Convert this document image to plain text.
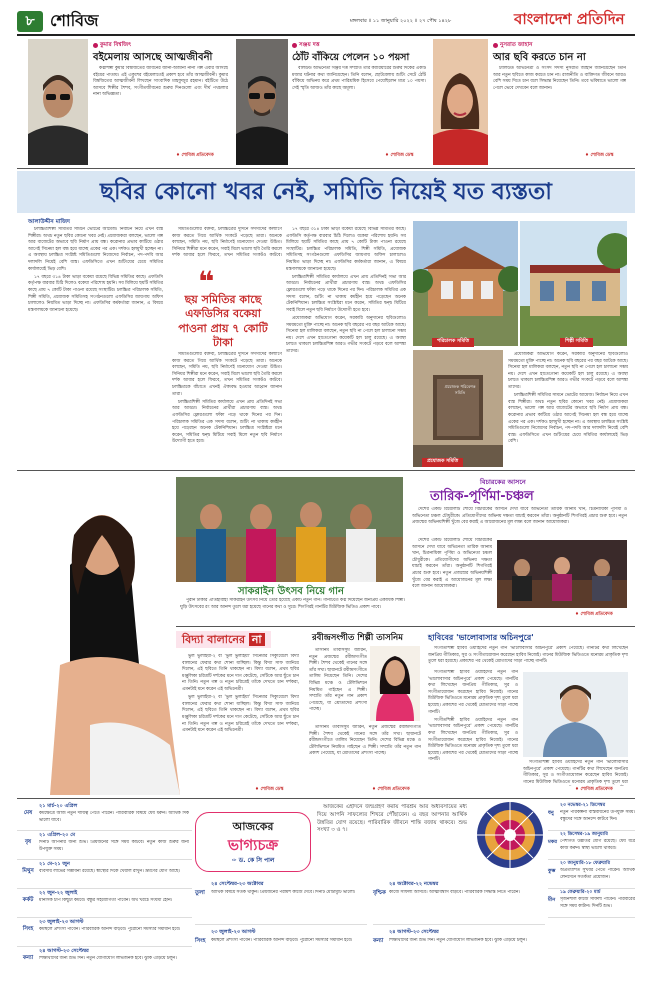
৮ শোবিজ	মঙ্গলবার ॥ ১১ জানুয়ারি ২০২২ ॥ ২৭ পৌষ ১৪২৮	বাংলাদেশ প্রতিদিন
কুমার বিশ্বজিৎ
বইমেলায় আসছে আত্মজীবনী

কণ্ঠশিল্পী কুমার বিশ্বজিতের জীবনের জানা-অজানা নানা গল্প এবার আসছে বইয়ের পাতায়। এই একুশের বইমেলাতেই প্রকাশ হবে তাঁর আত্মজীবনী। কুমার বিশ্বজিতের আত্মজীবনী লিখছেন সাংবাদিক মাহফুজুর রহমান। বইটিতে উঠে আসবে শিল্পীর শৈশব, সংগীতজীবনের শুরুর দিনগুলো এবং দীর্ঘ পথচলার নানা অভিজ্ঞতা।

♦ শোবিজ প্রতিবেদক
সঞ্জয় দত্ত
ঠোঁট বাঁকিয়ে পেলেন ১০ পয়সা

বলিউড অভিনেতা সঞ্জয় দত্ত সম্প্রতি তাঁর ক্যারিয়ারের শুরুর দিকের একটি মজার ঘটনার কথা জানিয়েছেন। তিনি বলেন, ছোটবেলায় শুটিং সেটে ঠোঁট বাঁকিয়ে অভিনয় করে প্রথম পারিশ্রমিক হিসেবে পেয়েছিলেন মাত্র ১০ পয়সা। সেই স্মৃতি আজও তাঁর কাছে অমূল্য।

♦ শোবিজ ডেস্ক
নুসরাত জাহান
আর ছবি করতে চান না

টালিউড অভিনেত্রী ও সংসদ সদস্য নুসরাত জাহান জানিয়েছেন তিনি আর নতুন ছবিতে কাজ করতে চান না। রাজনীতি ও ব্যক্তিগত জীবনে আরও বেশি সময় দিতে চান বলে সিদ্ধান্ত নিয়েছেন তিনি। তবে ভবিষ্যতে ভালো গল্প পেলে ভেবে দেখবেন বলে জানান।

♦ শোবিজ ডেস্ক
ছবির কোনো খবর নেই, সমিতি নিয়েই যত ব্যস্ততা
আলাউদ্দীন মাজিদ

চলচ্চিত্রশিল্পী সমিতির সামনে ভোটের আমেজ। নির্বাচন নিয়ে এখন ব্যস্ত শিল্পীরা। অথচ নতুন ছবির কোনো খবর নেই। প্রযোজকরা বলছেন, ভালো গল্প আর বাজেটের অভাবে ছবি নির্মাণ প্রায় বন্ধ। করোনার প্রভাব কাটিয়ে ওঠার আগেই সিনেমা হল বন্ধ হয়ে যাচ্ছে একের পর এক। দর্শকও হলমুখী হচ্ছেন না। এ অবস্থায় চলচ্চিত্র সংশ্লিষ্ট সমিতিগুলো নিজেদের নির্বাচন, পদ-পদবি আর দলাদলি নিয়েই বেশি ব্যস্ত। এফডিসিতে এখন শুটিংয়ের চেয়ে সমিতির কার্যালয়েই ভিড় বেশি।

১৭ বছরে ৩১৪ টাকা ভাড়া বকেয়া রয়েছে বিভিন্ন সমিতির কাছে। এফডিসি কর্তৃপক্ষ বারবার চিঠি দিলেও বকেয়া পরিশোধ হয়নি। সব মিলিয়ে ছয়টি সমিতির কাছে প্রায় ৭ কোটি টাকা পাওনা রয়েছে সংস্থাটির। চলচ্চিত্র পরিচালক সমিতি, শিল্পী সমিতি, প্রযোজক সমিতিসহ সংগঠনগুলো এফডিসির জায়গায় অফিস চালালেও নিয়মিত ভাড়া দিচ্ছে না। এফডিসির কর্মকর্তারা জানান, এ বিষয়ে মন্ত্রণালয়কে জানানো হয়েছে।

❝
ছয় সমিতির কাছে এফডিসির বকেয়া পাওনা প্রায় ৭ কোটি টাকা

সমিতিগুলোর বক্তব্য, চলচ্চিত্রের দুর্দিনে সদস্যদের কল্যাণে কাজ করতে গিয়ে আর্থিক সংকটে পড়েছে তারা। অনেকে বলছেন, সমিতি নয়, ছবি নির্মাণেই মনোযোগ দেওয়া উচিত। সিনিয়র শিল্পীরা মনে করেন, সবাই মিলে ভালো ছবি তৈরি করলে দর্শক আবার হলে ফিরবে, তখন সমিতির সংকটও কাটবে।

সমিতিগুলোর বক্তব্য, চলচ্চিত্রের দুর্দিনে সদস্যদের কল্যাণে কাজ করতে গিয়ে আর্থিক সংকটে পড়েছে তারা। অনেকে বলছেন, সমিতি নয়, ছবি নির্মাণেই মনোযোগ দেওয়া উচিত। সিনিয়র শিল্পীরা মনে করেন, সবাই মিলে ভালো ছবি তৈরি করলে দর্শক আবার হলে ফিরবে, তখন সমিতির সংকটও কাটবে। চলচ্চিত্রকে বাঁচাতে এখনই ঐক্যবদ্ধ হওয়ার আহ্বান জানান তারা।

চলচ্চিত্রশিল্পী সমিতির কার্যালয়ে এখন প্রায় প্রতিদিনই সভা আর আড্ডা। নির্বাচনের প্রার্থীরা প্রচারণায় ব্যস্ত। অথচ এফডিসির ফ্লোরগুলো ফাঁকা পড়ে থাকে দিনের পর দিন। পরিচালক সমিতির এক সদস্য বলেন, শুটিং না থাকায় কর্মহীন হয়ে পড়েছেন অনেক টেকনিশিয়ান। চলচ্চিত্র সংশ্লিষ্টরা মনে করেন, সমিতির দ্বন্দ্ব মিটিয়ে সবাই মিলে নতুন ছবি নির্মাণে উদ্যোগী হতে হবে।

১৭ বছরে ৩১৪ টাকা ভাড়া বকেয়া রয়েছে বিভিন্ন সমিতির কাছে। এফডিসি কর্তৃপক্ষ বারবার চিঠি দিলেও বকেয়া পরিশোধ হয়নি। সব মিলিয়ে ছয়টি সমিতির কাছে প্রায় ৭ কোটি টাকা পাওনা রয়েছে সংস্থাটির। চলচ্চিত্র পরিচালক সমিতি, শিল্পী সমিতি, প্রযোজক সমিতিসহ সংগঠনগুলো এফডিসির জায়গায় অফিস চালালেও নিয়মিত ভাড়া দিচ্ছে না। এফডিসির কর্মকর্তারা জানান, এ বিষয়ে মন্ত্রণালয়কে জানানো হয়েছে।

চলচ্চিত্রশিল্পী সমিতির কার্যালয়ে এখন প্রায় প্রতিদিনই সভা আর আড্ডা। নির্বাচনের প্রার্থীরা প্রচারণায় ব্যস্ত। অথচ এফডিসির ফ্লোরগুলো ফাঁকা পড়ে থাকে দিনের পর দিন। পরিচালক সমিতির এক সদস্য বলেন, শুটিং না থাকায় কর্মহীন হয়ে পড়েছেন অনেক টেকনিশিয়ান। চলচ্চিত্র সংশ্লিষ্টরা মনে করেন, সমিতির দ্বন্দ্ব মিটিয়ে সবাই মিলে নতুন ছবি নির্মাণে উদ্যোগী হতে হবে।

প্রযোজকরা অভিযোগ করেন, সরকারি অনুদানের ছবিগুলোও সময়মতো মুক্তি পাচ্ছে না। অনেক ছবি বছরের পর বছর আটকে আছে। সিনেমা হল মালিকরা বলছেন, নতুন ছবি না পেলে হল চালানো সম্ভব নয়। দেশে এখন হাতেগোনা কয়েকটি হল চালু রয়েছে। এ অবস্থা চলতে থাকলে চলচ্চিত্রশিল্প আরও গভীর সংকটে পড়বে বলে আশঙ্কা তাদের।

পরিচালক সমিতি	শিল্পী সমিতি
প্রযোজক পরিবেশক সমিতি
প্রযোজক সমিতি

প্রযোজকরা অভিযোগ করেন, সরকারি অনুদানের ছবিগুলোও সময়মতো মুক্তি পাচ্ছে না। অনেক ছবি বছরের পর বছর আটকে আছে। সিনেমা হল মালিকরা বলছেন, নতুন ছবি না পেলে হল চালানো সম্ভব নয়। দেশে এখন হাতেগোনা কয়েকটি হল চালু রয়েছে। এ অবস্থা চলতে থাকলে চলচ্চিত্রশিল্প আরও গভীর সংকটে পড়বে বলে আশঙ্কা তাদের।

চলচ্চিত্রশিল্পী সমিতির সামনে ভোটের আমেজ। নির্বাচন নিয়ে এখন ব্যস্ত শিল্পীরা। অথচ নতুন ছবির কোনো খবর নেই। প্রযোজকরা বলছেন, ভালো গল্প আর বাজেটের অভাবে ছবি নির্মাণ প্রায় বন্ধ। করোনার প্রভাব কাটিয়ে ওঠার আগেই সিনেমা হল বন্ধ হয়ে যাচ্ছে একের পর এক। দর্শকও হলমুখী হচ্ছেন না। এ অবস্থায় চলচ্চিত্র সংশ্লিষ্ট সমিতিগুলো নিজেদের নির্বাচন, পদ-পদবি আর দলাদলি নিয়েই বেশি ব্যস্ত। এফডিসিতে এখন শুটিংয়ের চেয়ে সমিতির কার্যালয়েই ভিড় বেশি।

সাকরাইন উৎসব নিয়ে গান

পুরান ঢাকার ঐতিহ্যবাহী সাকরাইন উৎসব নিয়ে তৈরি হয়েছে একটি নতুন গান। গানটিতে কণ্ঠ দিয়েছেন জনপ্রিয় একাধিক শিল্পী। ঘুড়ি উৎসবের রং আর আনন্দ তুলে ধরা হয়েছে গানের কথা ও সুরে। শিগগিরই গানটির মিউজিক ভিডিও প্রকাশ পাবে।

বিচারকের আসনে
তারিক-পূর্ণিমা-চঞ্চল

দেশের একটি রিয়েলিটি শোয়ে বিচারকের আসনে দেখা যাবে অভিনেতা তারিক আনাম খান, চিত্রনায়িকা পূর্ণিমা ও অভিনেতা চঞ্চল চৌধুরীকে। প্রতিযোগীদের অভিনয় দক্ষতা যাচাই করবেন তাঁরা। অনুষ্ঠানটি শিগগিরই প্রচার শুরু হবে। নতুন প্রজন্মের অভিনয়শিল্পী খুঁজে বের করাই এ আয়োজনের মূল লক্ষ্য বলে জানান আয়োজকরা।

দেশের একটি রিয়েলিটি শোয়ে বিচারকের আসনে দেখা যাবে অভিনেতা তারিক আনাম খান, চিত্রনায়িকা পূর্ণিমা ও অভিনেতা চঞ্চল চৌধুরীকে। প্রতিযোগীদের অভিনয় দক্ষতা যাচাই করবেন তাঁরা। অনুষ্ঠানটি শিগগিরই প্রচার শুরু হবে। নতুন প্রজন্মের অভিনয়শিল্পী খুঁজে বের করাই এ আয়োজনের মূল লক্ষ্য বলে জানান আয়োজকরা।

♦ শোবিজ প্রতিবেদক
বিদ্যা বালানের না

ভুল ভুলাইয়া-২ বা 'ভুল ভুলাইয়া' সিনেমার সিক্যুয়েলে বিদ্যা বালানের ফেরার কথা শোনা যাচ্ছিল। কিন্তু বিদ্যা সাফ জানিয়ে দিলেন, এই ছবিতে তিনি থাকছেন না। বিদ্যা বলেন, প্রথম ছবির মঞ্জুলিকা চরিত্রটি দর্শকের মনে দাগ কেটেছে, সেটিকে আর ছুঁতে চান না তিনি। নতুন গল্প ও নতুন চরিত্রেই তাঁকে দেখতে চান দর্শকরা, এমনটাই মনে করেন এই অভিনেত্রী।

ভুল ভুলাইয়া-২ বা 'ভুল ভুলাইয়া' সিনেমার সিক্যুয়েলে বিদ্যা বালানের ফেরার কথা শোনা যাচ্ছিল। কিন্তু বিদ্যা সাফ জানিয়ে দিলেন, এই ছবিতে তিনি থাকছেন না। বিদ্যা বলেন, প্রথম ছবির মঞ্জুলিকা চরিত্রটি দর্শকের মনে দাগ কেটেছে, সেটিকে আর ছুঁতে চান না তিনি। নতুন গল্প ও নতুন চরিত্রেই তাঁকে দেখতে চান দর্শকরা, এমনটাই মনে করেন এই অভিনেত্রী।

♦ শোবিজ ডেস্ক
রবীন্দ্রসংগীত শিল্পী তাসনিম

তাসনিম তাবাসসুম জারিন, নতুন প্রজন্মের রবীন্দ্রসংগীত শিল্পী। শৈশব থেকেই গানের সঙ্গে তাঁর সখ্য। ছায়ানটে রবীন্দ্রসংগীতে তালিম নিয়েছেন তিনি। দেশের বিভিন্ন মঞ্চে ও টেলিভিশনে নিয়মিত গাইছেন এ শিল্পী। সম্প্রতি তাঁর নতুন গান প্রকাশ পেয়েছে, যা শ্রোতাদের প্রশংসা পাচ্ছে।

তাসনিম তাবাসসুম জারিন, নতুন প্রজন্মের রবীন্দ্রসংগীত শিল্পী। শৈশব থেকেই গানের সঙ্গে তাঁর সখ্য। ছায়ানটে রবীন্দ্রসংগীতে তালিম নিয়েছেন তিনি। দেশের বিভিন্ন মঞ্চে ও টেলিভিশনে নিয়মিত গাইছেন এ শিল্পী। সম্প্রতি তাঁর নতুন গান প্রকাশ পেয়েছে, যা শ্রোতাদের প্রশংসা পাচ্ছে।

♦ শোবিজ প্রতিবেদক
হাবিবের 'ভালোবাসার অচিনপুরে'

সংগীতশিল্পী হাবিব ওয়াহিদের নতুন গান 'ভালোবাসার অচিনপুরে' প্রকাশ পেয়েছে। গানটির কথা লিখেছেন জনপ্রিয় গীতিকার, সুর ও সংগীতায়োজন করেছেন হাবিব নিজেই। গানের মিউজিক ভিডিওতে মনোরম প্রাকৃতিক দৃশ্য তুলে ধরা হয়েছে। প্রকাশের পর থেকেই শ্রোতাদের সাড়া পাচ্ছে গানটি।

সংগীতশিল্পী হাবিব ওয়াহিদের নতুন গান 'ভালোবাসার অচিনপুরে' প্রকাশ পেয়েছে। গানটির কথা লিখেছেন জনপ্রিয় গীতিকার, সুর ও সংগীতায়োজন করেছেন হাবিব নিজেই। গানের মিউজিক ভিডিওতে মনোরম প্রাকৃতিক দৃশ্য তুলে ধরা হয়েছে। প্রকাশের পর থেকেই শ্রোতাদের সাড়া পাচ্ছে গানটি।

সংগীতশিল্পী হাবিব ওয়াহিদের নতুন গান 'ভালোবাসার অচিনপুরে' প্রকাশ পেয়েছে। গানটির কথা লিখেছেন জনপ্রিয় গীতিকার, সুর ও সংগীতায়োজন করেছেন হাবিব নিজেই। গানের মিউজিক ভিডিওতে মনোরম প্রাকৃতিক দৃশ্য তুলে ধরা হয়েছে। প্রকাশের পর থেকেই শ্রোতাদের সাড়া পাচ্ছে গানটি।

সংগীতশিল্পী হাবিব ওয়াহিদের নতুন গান 'ভালোবাসার অচিনপুরে' প্রকাশ পেয়েছে। গানটির কথা লিখেছেন জনপ্রিয় গীতিকার, সুর ও সংগীতায়োজন করেছেন হাবিব নিজেই। গানের মিউজিক ভিডিওতে মনোরম প্রাকৃতিক দৃশ্য তুলে ধরা

♦ শোবিজ প্রতিবেদক
আজকের
ভাগ্যচক্র
✑ ড. কে সি পাল

আজকের এইদিনে জন্মগ্রহণ করায় পরিশ্রম আর অধ্যবসায়ের মধ্য দিয়ে আপনি সাফল্যের শিখরে পৌঁছাবেন। এ বছর আপনার আর্থিক উন্নতির যোগ রয়েছে। পারিবারিক জীবনে শান্তি বজায় থাকবে। শুভ সংখ্যা ৩ ও ৭।

২১ মার্চ-২০ এপ্রিল
মেষ	কর্মক্ষেত্রে আজ নতুন দায়িত্ব পেতে পারেন। পারিবারিক বিষয়ে ধৈর্য ধরুন। আর্থিক দিক ভালো যাবে।
২১ এপ্রিল-২০ মে
বৃষ	দিনটি আপনার জন্য শুভ। প্রিয়জনের সঙ্গে সময় কাটবে। নতুন কাজ শুরুর জন্য উপযুক্ত সময়।
২১ মে-২১ জুন
মিথুন	ব্যবসায় লাভের সম্ভাবনা রয়েছে। স্বাস্থ্যের দিকে খেয়াল রাখুন। ভ্রমণের যোগ আছে।
২২ জুন-২২ জুলাই
কর্কট	মানসিক চাপ কিছুটা কমবে। বন্ধুর সহযোগিতা পাবেন। অর্থ খরচে সংযমী হোন।
২৩ জুলাই-২৩ আগস্ট
সিংহ	কর্মস্থলে প্রশংসা পাবেন। পারিবারিক আনন্দ বাড়বে। পুরোনো সমস্যার সমাধান হবে।
২৪ আগস্ট-২৩ সেপ্টেম্বর
কন্যা	শিক্ষার্থীদের জন্য শুভ দিন। নতুন যোগাযোগ লাভজনক হবে। ঝুঁকি এড়িয়ে চলুন।
২৩ নভেম্বর-২১ ডিসেম্বর
ধনু	নতুন পরিকল্পনা বাস্তবায়নের উপযুক্ত সময়। বন্ধুদের সঙ্গে আনন্দে কাটবে দিন।
২২ ডিসেম্বর-১৯ জানুয়ারি
মকর পেশাগত উন্নতির যোগ রয়েছে। ধৈর্য ধরে কাজ করুন। স্বাস্থ্য ভালো থাকবে।
২০ জানুয়ারি-১৮ ফেব্রুয়ারি
কুম্ভ	অপ্রত্যাশিত সুখবর পেতে পারেন। আর্থিক লেনদেনে সতর্কতা প্রয়োজন।
১৯ ফেব্রুয়ারি-২০ মার্চ
মীন	সৃজনশীল কাজে সাফল্য পাবেন। পরিবারের সঙ্গে সময় কাটান। দিনটি শুভ।
২৪ সেপ্টেম্বর-২৩ অক্টোবর
তুলা	আর্থিক বিষয়ে সতর্ক থাকুন। প্রিয়জনের পরামর্শ কাজে দেবে। দিনটি মোটামুটি ভালো।
২৪ অক্টোবর-২২ নভেম্বর
বৃশ্চিক কাজে সাফল্য আসবে। আত্মবিশ্বাস বাড়বে। পারিবারিক সিদ্ধান্ত নিতে পারেন।
২৩ জুলাই-২৩ আগস্ট
সিংহ	কর্মস্থলে প্রশংসা পাবেন। পারিবারিক আনন্দ বাড়বে। পুরোনো সমস্যার সমাধান হবে।
২৪ আগস্ট-২৩ সেপ্টেম্বর
কন্যা	শিক্ষার্থীদের জন্য শুভ দিন। নতুন যোগাযোগ লাভজনক হবে। ঝুঁকি এড়িয়ে চলুন।
